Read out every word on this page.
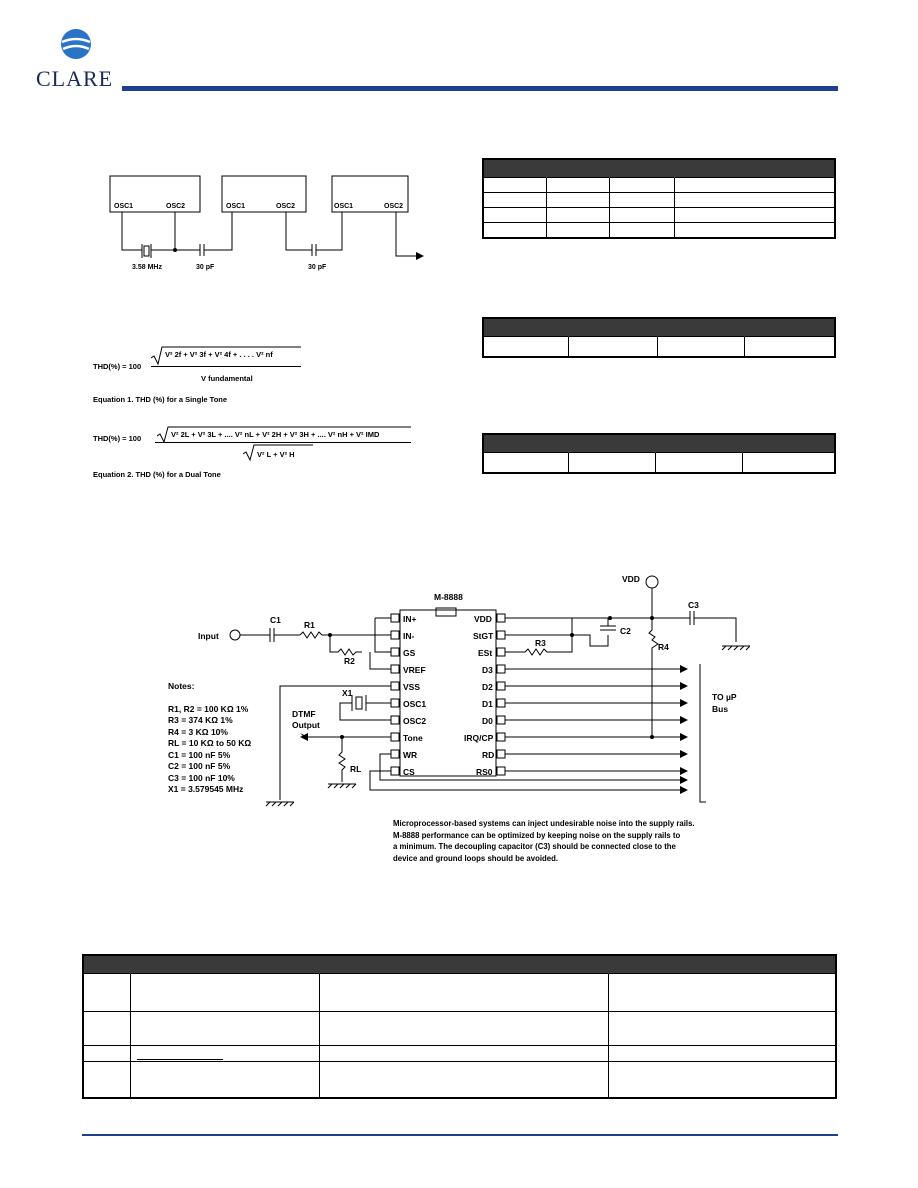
CLARE
OSC1	OSC2	OSC1	OSC2	OSC1	OSC2
3.58 MHz	30 pF	30 pF

THD(%) = 100
V² 2f + V² 3f + V² 4f + . . . . V² nf
V fundamental
Equation 1. THD (%) for a Single Tone
THD(%) = 100	V² 2L + V² 3L + .... V² nL + V² 2H + V² 3H + .... V² nH + V² IMD
V² L + V² H
Equation 2. THD (%) for a Dual Tone
M-8888
VDD
IN+
IN-
GS
VREF
VSS
OSC1
OSC2
Tone
WR
CS
VDD
StGT
ESt
D3
D2
D1
D0
IRQ/CP
RD
RS0
Input
C1	R1
R2
R3
C2
R4
C3
X1
RL
DTMF
Output
TO µP
Bus
Notes:
R1, R2 = 100 KΩ 1%
R3 = 374 KΩ 1%
R4 = 3 KΩ 10%
RL = 10 KΩ to 50 KΩ
C1 = 100 nF 5%
C2 = 100 nF 5%
C3 = 100 nF 10%
X1 = 3.579545 MHz
Microprocessor-based systems can inject undesirable noise into the supply rails.
M-8888 performance can be optimized by keeping noise on the supply rails to
a minimum. The decoupling capacitor (C3) should be connected close to the
device and ground loops should be avoided.
